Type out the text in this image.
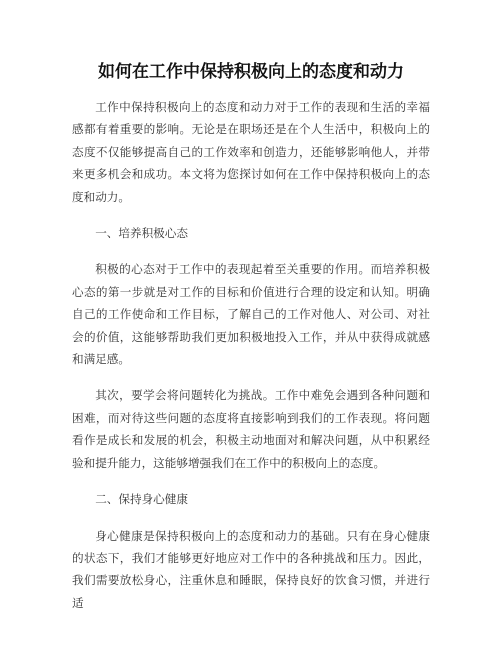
如何在工作中保持积极向上的态度和动力

工作中保持积极向上的态度和动力对于工作的表现和生活的幸福感都有着重要的影响。无论是在职场还是在个人生活中，积极向上的态度不仅能够提高自己的工作效率和创造力，还能够影响他人，并带来更多机会和成功。本文将为您探讨如何在工作中保持积极向上的态度和动力。

一、培养积极心态

积极的心态对于工作中的表现起着至关重要的作用。而培养积极心态的第一步就是对工作的目标和价值进行合理的设定和认知。明确自己的工作使命和工作目标，了解自己的工作对他人、对公司、对社会的价值，这能够帮助我们更加积极地投入工作，并从中获得成就感和满足感。

其次，要学会将问题转化为挑战。工作中难免会遇到各种问题和困难，而对待这些问题的态度将直接影响到我们的工作表现。将问题看作是成长和发展的机会，积极主动地面对和解决问题，从中积累经验和提升能力，这能够增强我们在工作中的积极向上的态度。

二、保持身心健康

身心健康是保持积极向上的态度和动力的基础。只有在身心健康的状态下，我们才能够更好地应对工作中的各种挑战和压力。因此，我们需要放松身心，注重休息和睡眠，保持良好的饮食习惯，并进行适
